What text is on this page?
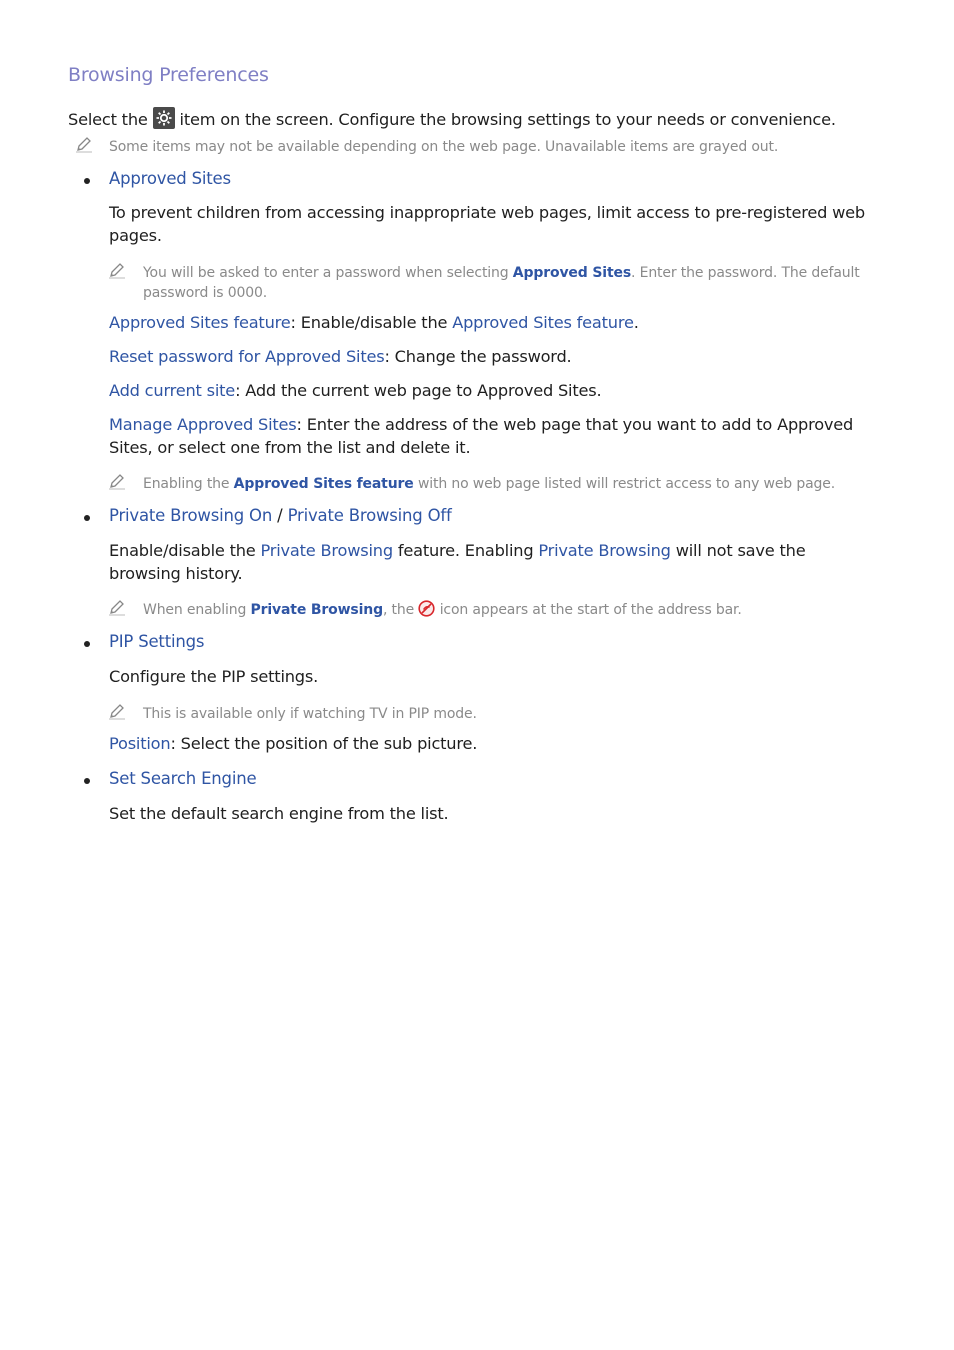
Browsing Preferences
Select the
item on the screen. Configure the browsing settings to your needs or convenience.
Some items may not be available depending on the web page. Unavailable items are grayed out.
Approved Sites
To prevent children from accessing inappropriate web pages, limit access to pre-registered web pages.
You will be asked to enter a password when selecting Approved Sites. Enter the password. The default password is 0000.
Approved Sites feature: Enable/disable the Approved Sites feature.
Reset password for Approved Sites: Change the password.
Add current site: Add the current web page to Approved Sites.
Manage Approved Sites: Enter the address of the web page that you want to add to Approved Sites, or select one from the list and delete it.
Enabling the Approved Sites feature with no web page listed will restrict access to any web page.
Private Browsing On / Private Browsing Off
Enable/disable the Private Browsing feature. Enabling Private Browsing will not save the browsing history.
When enabling Private Browsing, the  icon appears at the start of the address bar.
PIP Settings
Configure the PIP settings.
This is available only if watching TV in PIP mode.
Position: Select the position of the sub picture.
Set Search Engine
Set the default search engine from the list.
